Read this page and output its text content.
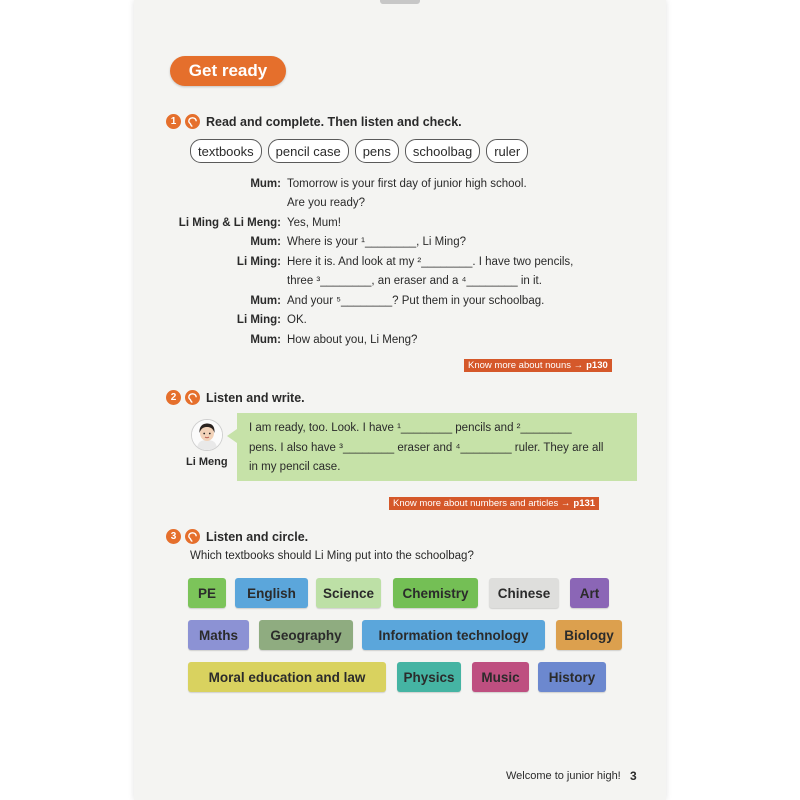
Get ready
1	Read and complete. Then listen and check.
textbooks	pencil case	pens	schoolbag	ruler
Mum: Tomorrow is your first day of junior high school.
Are you ready?
Li Ming & Li Meng: Yes, Mum!
Mum: Where is your ¹________, Li Ming?
Li Ming: Here it is. And look at my ²________. I have two pencils,
three ³________, an eraser and a ⁴________ in it.
Mum: And your ⁵________? Put them in your schoolbag.
Li Ming: OK.
Mum: How about you, Li Meng?
Know more about nouns → p130
2	Listen and write.
Li Meng
I am ready, too. Look. I have ¹________ pencils and ²________
pens. I also have ³________ eraser and ⁴________ ruler. They are all
in my pencil case.
Know more about numbers and articles → p131
3	Listen and circle.
Which textbooks should Li Ming put into the schoolbag?
PE	English	Science	Chemistry	Chinese	Art
Maths	Geography	Information technology	Biology
Moral education and law	Physics	Music	History
Welcome to junior high! 3
